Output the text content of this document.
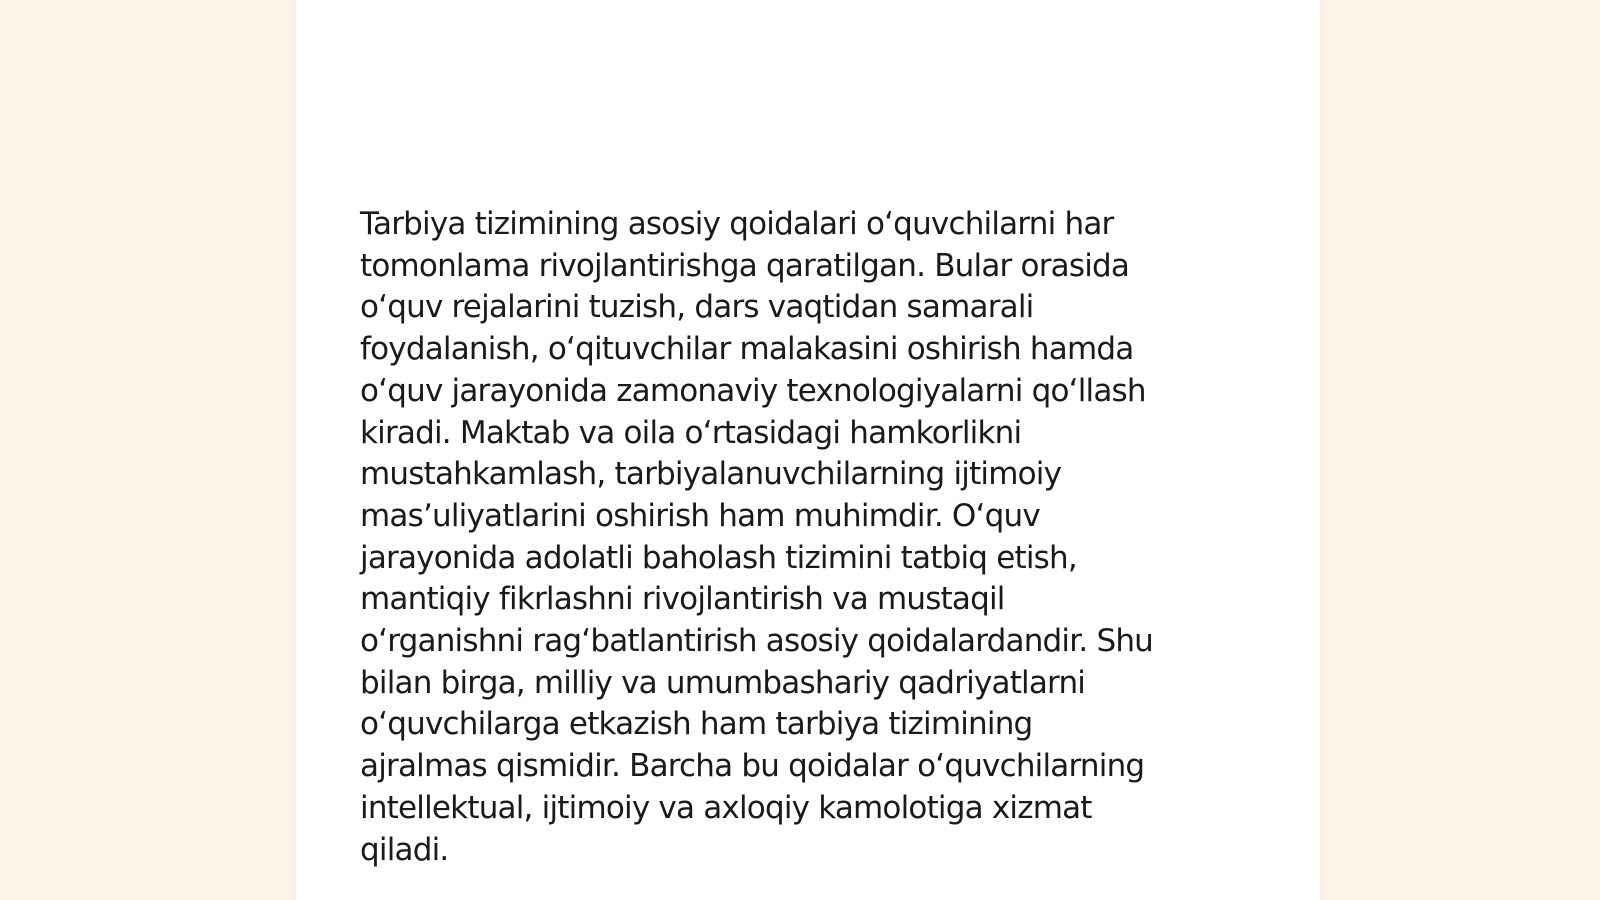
Tarbiya tizimining asosiy qoidalari o‘quvchilarni har
tomonlama rivojlantirishga qaratilgan. Bular orasida
o‘quv rejalarini tuzish, dars vaqtidan samarali
foydalanish, o‘qituvchilar malakasini oshirish hamda
o‘quv jarayonida zamonaviy texnologiyalarni qo‘llash
kiradi. Maktab va oila o‘rtasidagi hamkorlikni
mustahkamlash, tarbiyalanuvchilarning ijtimoiy
mas’uliyatlarini oshirish ham muhimdir. O‘quv
jarayonida adolatli baholash tizimini tatbiq etish,
mantiqiy fikrlashni rivojlantirish va mustaqil
o‘rganishni rag‘batlantirish asosiy qoidalardandir. Shu
bilan birga, milliy va umumbashariy qadriyatlarni
o‘quvchilarga etkazish ham tarbiya tizimining
ajralmas qismidir. Barcha bu qoidalar o‘quvchilarning
intellektual, ijtimoiy va axloqiy kamolotiga xizmat
qiladi.
